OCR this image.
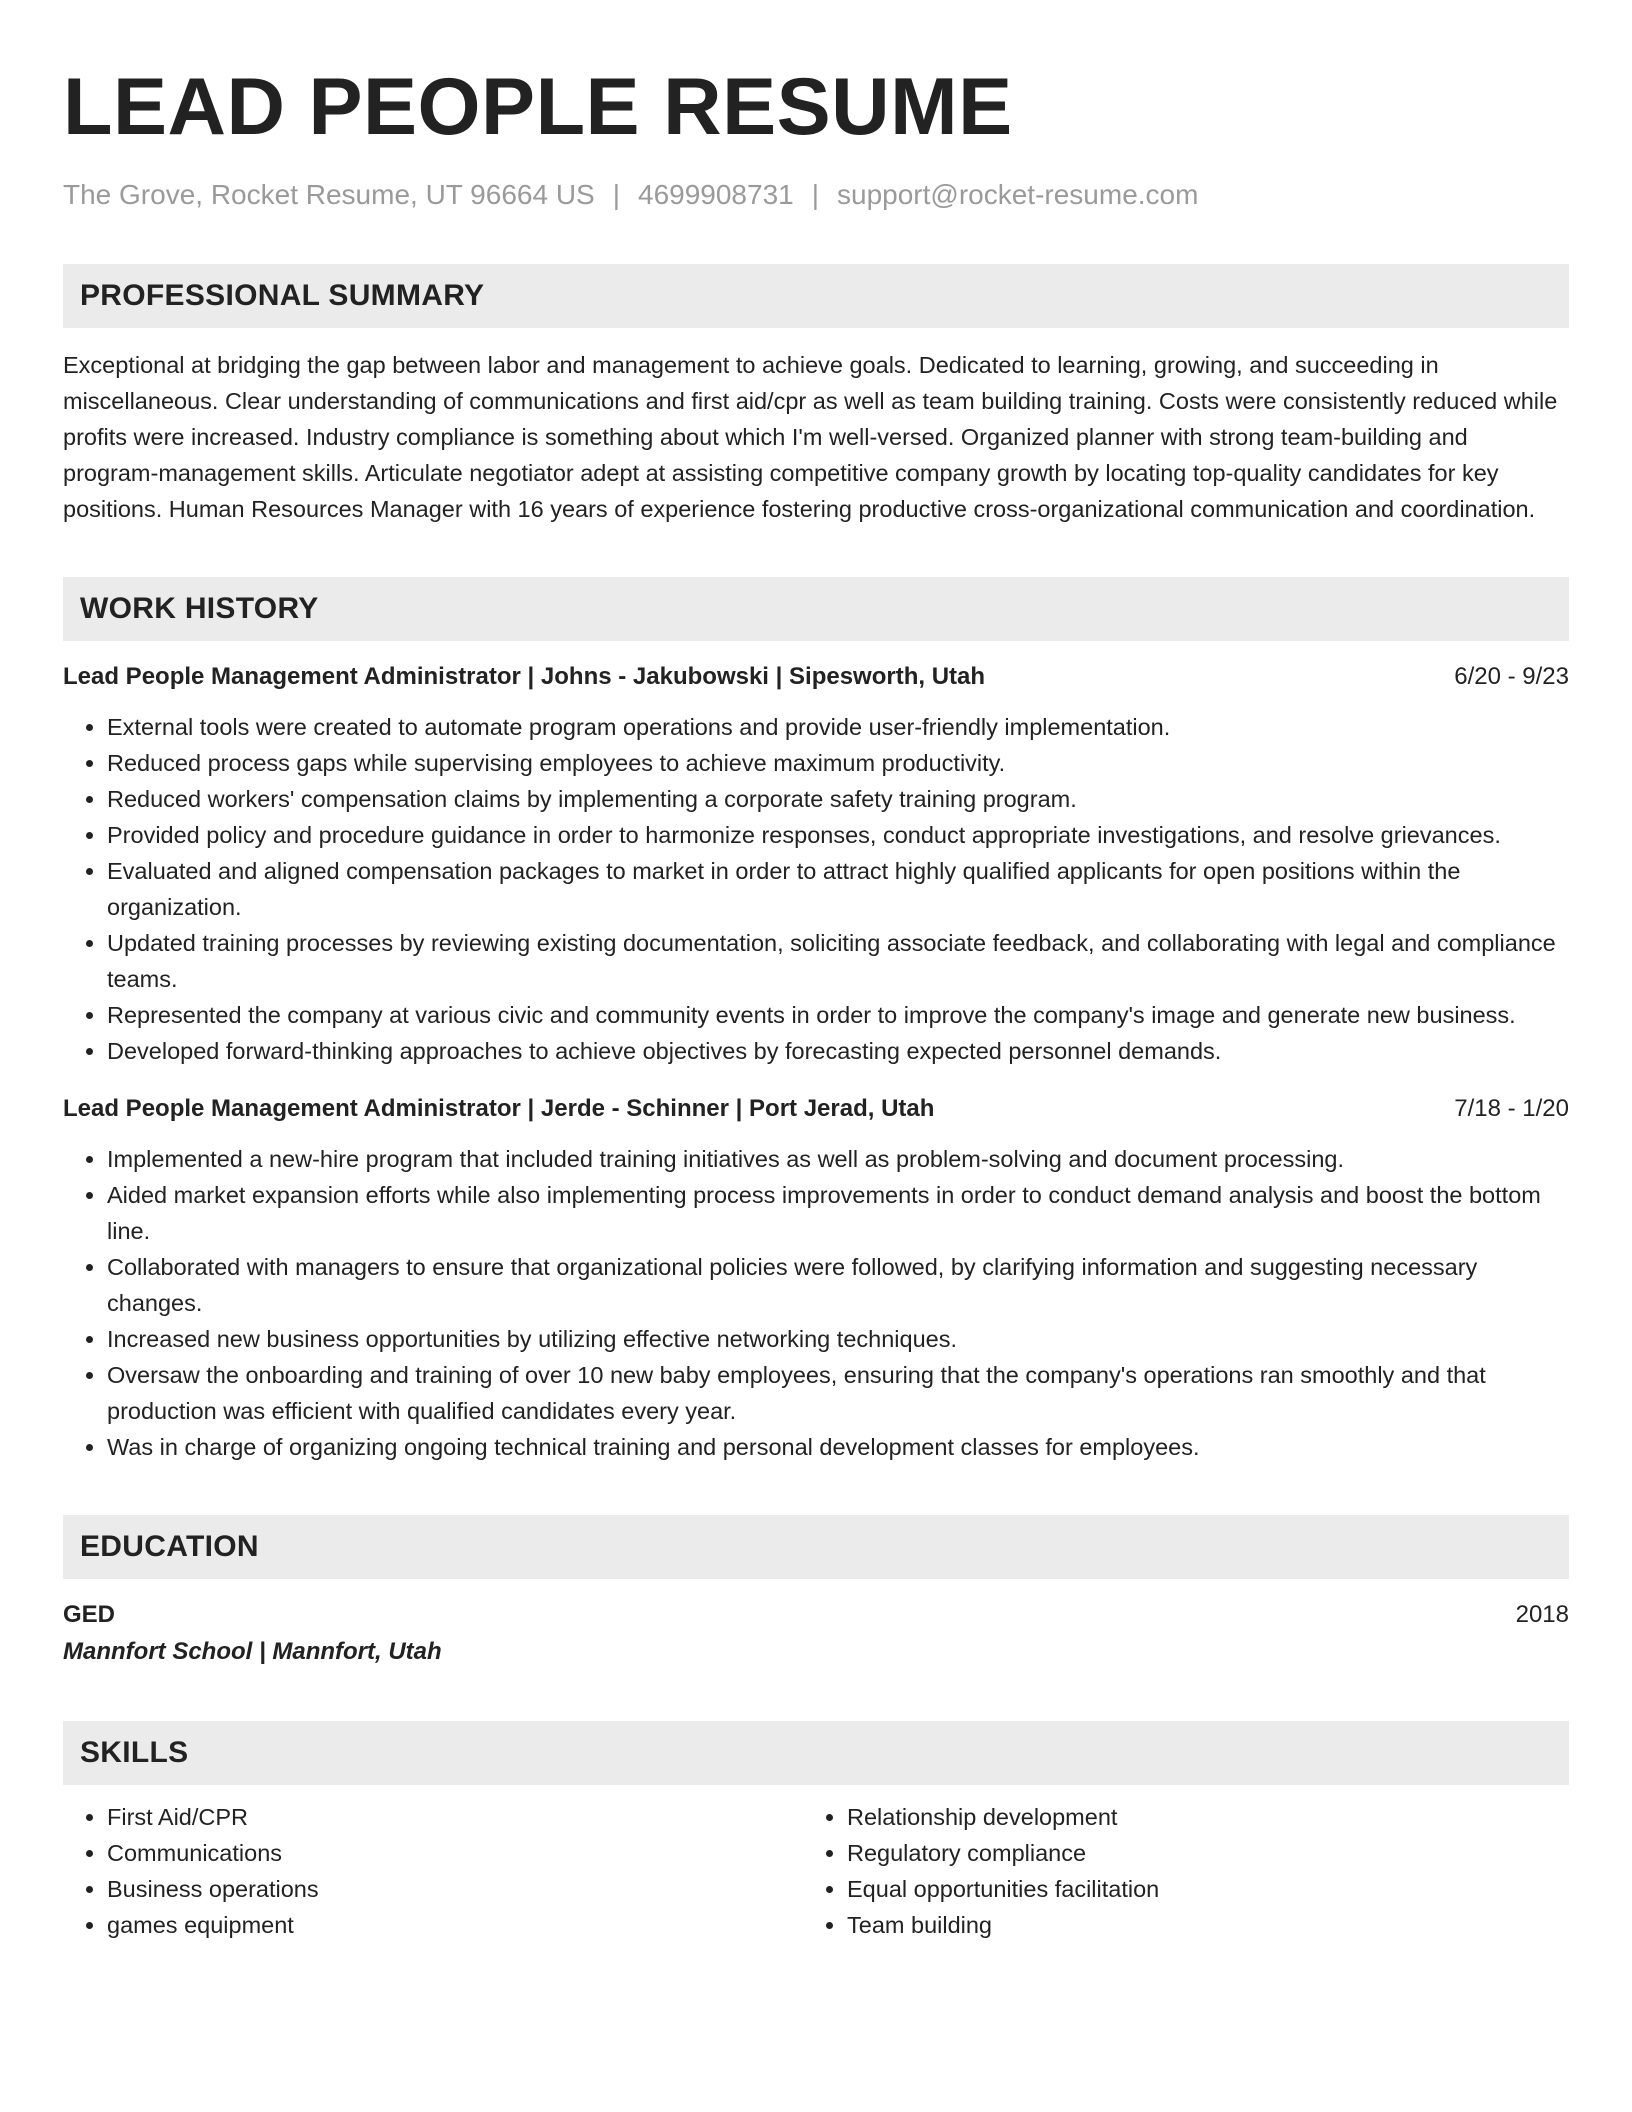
LEAD PEOPLE RESUME
The Grove, Rocket Resume, UT 96664 US | 4699908731 | support@rocket-resume.com
PROFESSIONAL SUMMARY
Exceptional at bridging the gap between labor and management to achieve goals. Dedicated to learning, growing, and succeeding in miscellaneous. Clear understanding of communications and first aid/cpr as well as team building training. Costs were consistently reduced while profits were increased. Industry compliance is something about which I'm well-versed. Organized planner with strong team-building and program-management skills. Articulate negotiator adept at assisting competitive company growth by locating top-quality candidates for key positions. Human Resources Manager with 16 years of experience fostering productive cross-organizational communication and coordination.
WORK HISTORY
Lead People Management Administrator | Johns - Jakubowski | Sipesworth, Utah	6/20 - 9/23
• External tools were created to automate program operations and provide user-friendly implementation.
• Reduced process gaps while supervising employees to achieve maximum productivity.
• Reduced workers' compensation claims by implementing a corporate safety training program.
• Provided policy and procedure guidance in order to harmonize responses, conduct appropriate investigations, and resolve grievances.
• Evaluated and aligned compensation packages to market in order to attract highly qualified applicants for open positions within the organization.
• Updated training processes by reviewing existing documentation, soliciting associate feedback, and collaborating with legal and compliance teams.
• Represented the company at various civic and community events in order to improve the company's image and generate new business.
• Developed forward-thinking approaches to achieve objectives by forecasting expected personnel demands.
Lead People Management Administrator | Jerde - Schinner | Port Jerad, Utah	7/18 - 1/20
• Implemented a new-hire program that included training initiatives as well as problem-solving and document processing.
• Aided market expansion efforts while also implementing process improvements in order to conduct demand analysis and boost the bottom line.
• Collaborated with managers to ensure that organizational policies were followed, by clarifying information and suggesting necessary changes.
• Increased new business opportunities by utilizing effective networking techniques.
• Oversaw the onboarding and training of over 10 new baby employees, ensuring that the company's operations ran smoothly and that production was efficient with qualified candidates every year.
• Was in charge of organizing ongoing technical training and personal development classes for employees.
EDUCATION
GED	2018
Mannfort School | Mannfort, Utah
SKILLS
• First Aid/CPR
• Communications
• Business operations
• games equipment
• Relationship development
• Regulatory compliance
• Equal opportunities facilitation
• Team building
